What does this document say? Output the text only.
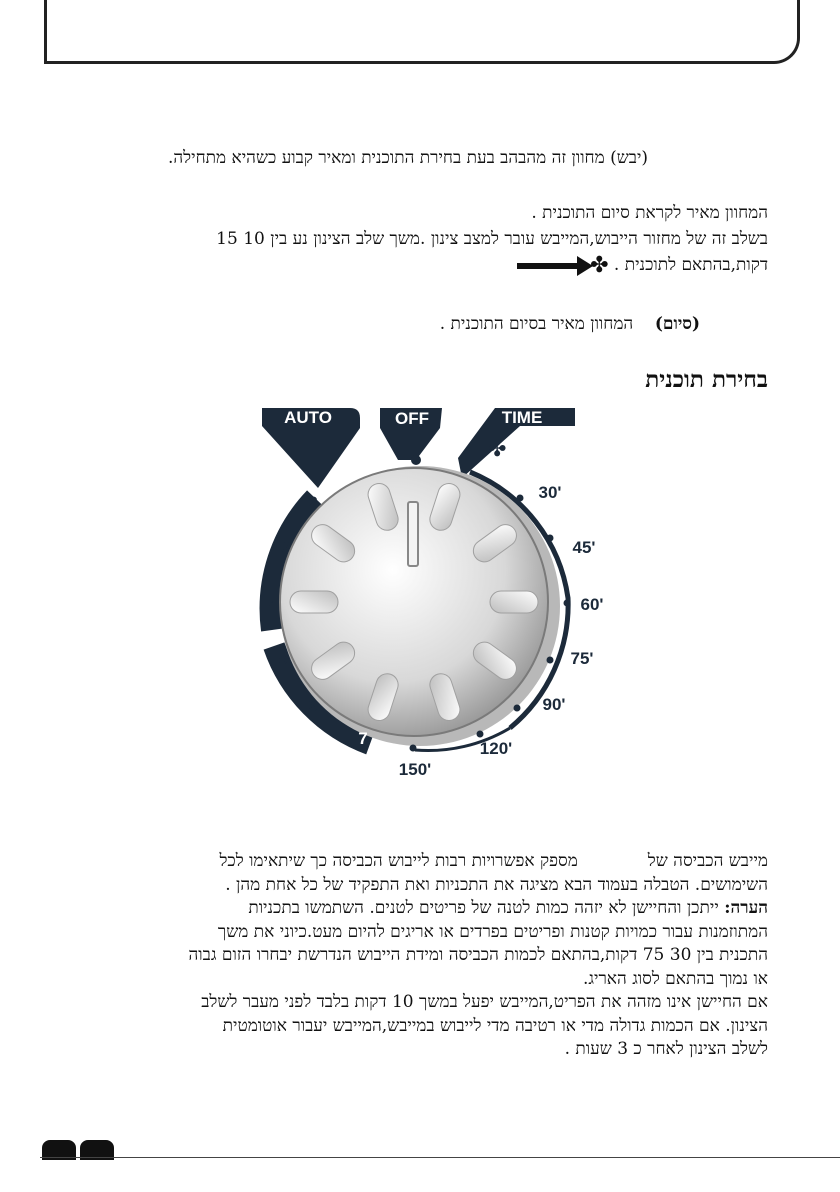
(יבש) מחוון זה מהבהב בעת בחירת התוכנית ומאיר קבוע כשהיא מתחילה.

המחוון מאיר לקראת סיום התוכנית .
בשלב זה של מחזור הייבוש,המייבש עובר למצב צינון .משך שלב הצינון נע בין 10 15
דקות,בהתאם לתוכנית . ✤
(סיום)    המחוון מאיר בסיום התוכנית .
בחירת תוכנית
AUTO	OFF	TIME
✤
1
2
3
4
5
6
7
30'
45'
60'
75'
90'
120'
150'
מייבש הכביסה שלמספק אפשרויות רבות לייבוש הכביסה כך שיתאימו לכל
השימושים. הטבלה בעמוד הבא מציגה את התכניות ואת התפקיד של כל אחת מהן .
הערה: ייתכן והחיישן לא יזהה כמות לטנה של פריטים לטנים. השתמשו בתכניות
המתוזמנות עבור כמויות קטנות ופריטים בפרדים או אריגים להיום מעט.כיוני את משך
התכנית בין 30 75 דקות,בהתאם לכמות הכביסה ומידת הייבוש הנדרשת יבחרו הזום גבוה
או נמוך בהתאם לסוג האריג.
אם החיישן אינו מזהה את הפריט,המייבש יפעל במשך 10 דקות בלבד לפני מעבר לשלב
הצינון. אם הכמות גדולה מדי או רטיבה מדי לייבוש במייבש,המייבש יעבור אוטומטית
לשלב הצינון לאחר כ 3 שעות .
